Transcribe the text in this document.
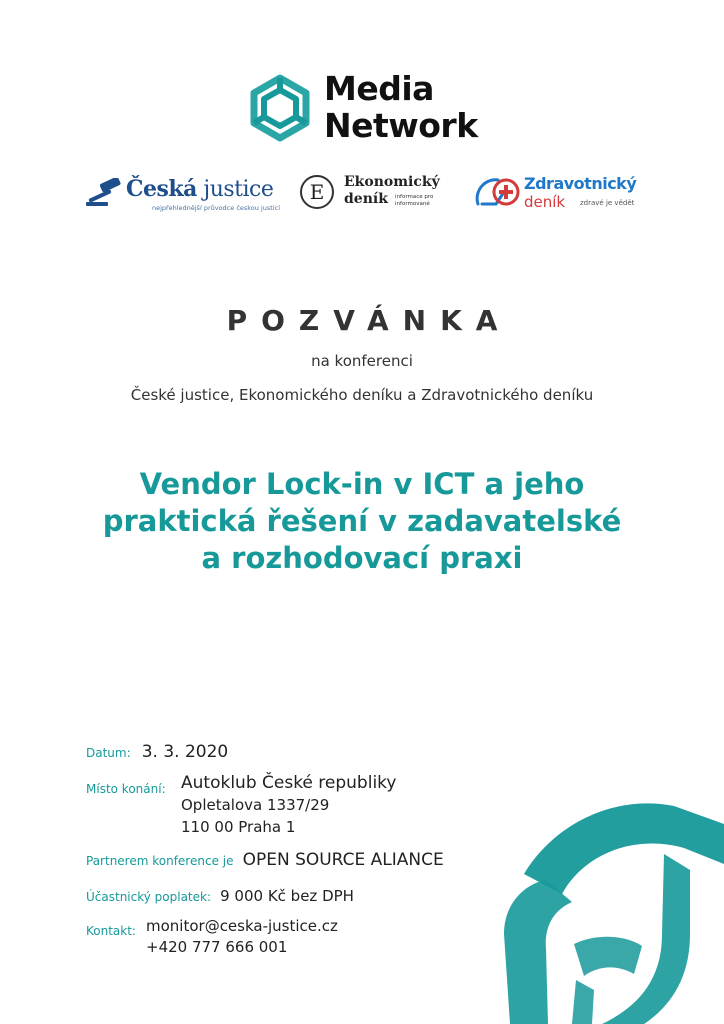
Media
Network
Česká justice
nejpřehlednější průvodce českou justicí
E	Ekonomický
deník informace pro informované
Zdravotnický
deník zdravé je vědět
POZVÁNKA
na konferenci
České justice, Ekonomického deníku a Zdravotnického deníku
Vendor Lock-in v ICT a jeho
praktická řešení v zadavatelské
a rozhodovací praxi
Datum: 3. 3. 2020
Místo konání: Autoklub České republiky
Opletalova 1337/29
110 00 Praha 1
Partnerem konference je OPEN SOURCE ALIANCE
Účastnický poplatek: 9 000 Kč bez DPH
Kontakt: monitor@ceska-justice.cz
+420 777 666 001
